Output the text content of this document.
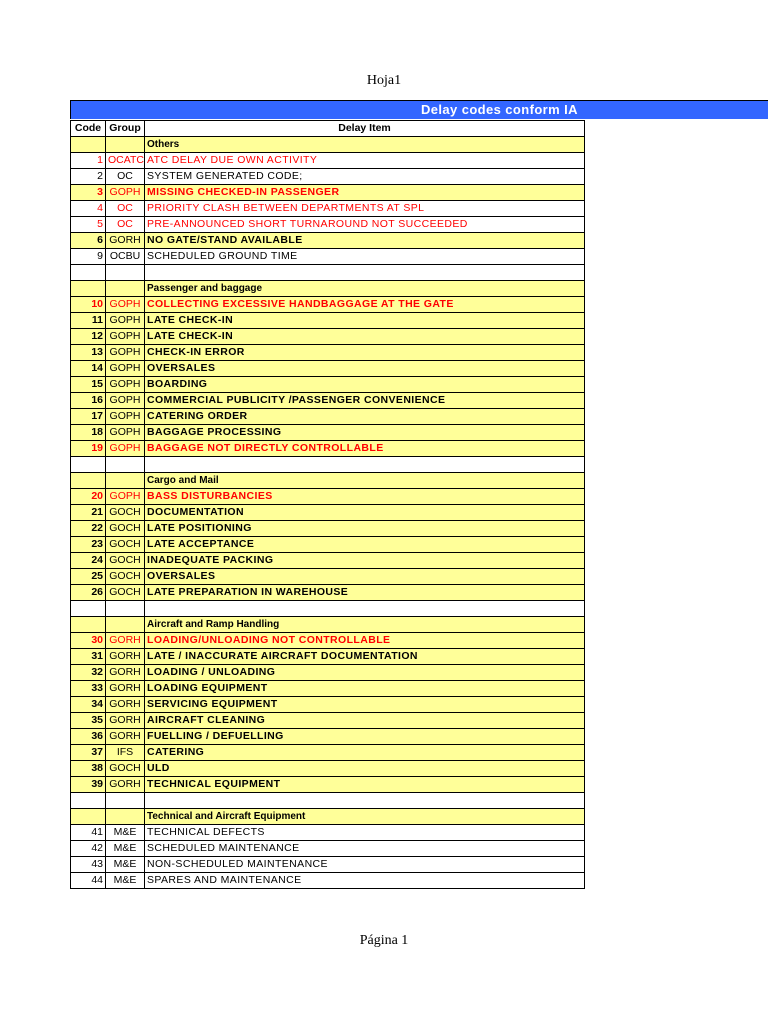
Hoja1
Delay codes conform IA
Code	Group	Delay Item
		Others
1	OCATC	ATC DELAY DUE OWN ACTIVITY
2	OC	SYSTEM GENERATED CODE;
3	GOPH	MISSING CHECKED-IN PASSENGER
4	OC	PRIORITY CLASH BETWEEN DEPARTMENTS AT SPL
5	OC	PRE-ANNOUNCED SHORT TURNAROUND NOT SUCCEEDED
6	GORH	NO GATE/STAND AVAILABLE
9	OCBU	SCHEDULED GROUND TIME

		Passenger and baggage
10	GOPH	COLLECTING EXCESSIVE HANDBAGGAGE AT THE GATE
11	GOPH	LATE CHECK-IN
12	GOPH	LATE CHECK-IN
13	GOPH	CHECK-IN ERROR
14	GOPH	OVERSALES
15	GOPH	BOARDING
16	GOPH	COMMERCIAL PUBLICITY /PASSENGER CONVENIENCE
17	GOPH	CATERING ORDER
18	GOPH	BAGGAGE PROCESSING
19	GOPH	BAGGAGE NOT DIRECTLY CONTROLLABLE

		Cargo and Mail
20	GOPH	BASS DISTURBANCIES
21	GOCH	DOCUMENTATION
22	GOCH	LATE POSITIONING
23	GOCH	LATE ACCEPTANCE
24	GOCH	INADEQUATE PACKING
25	GOCH	OVERSALES
26	GOCH	LATE PREPARATION IN WAREHOUSE

		Aircraft and Ramp Handling
30	GORH	LOADING/UNLOADING NOT CONTROLLABLE
31	GORH	LATE / INACCURATE AIRCRAFT DOCUMENTATION
32	GORH	LOADING / UNLOADING
33	GORH	LOADING EQUIPMENT
34	GORH	SERVICING EQUIPMENT
35	GORH	AIRCRAFT CLEANING
36	GORH	FUELLING / DEFUELLING
37	IFS	CATERING
38	GOCH	ULD
39	GORH	TECHNICAL EQUIPMENT

		Technical and Aircraft Equipment
41	M&E	TECHNICAL DEFECTS
42	M&E	SCHEDULED MAINTENANCE
43	M&E	NON-SCHEDULED MAINTENANCE
44	M&E	SPARES AND MAINTENANCE
Página 1
